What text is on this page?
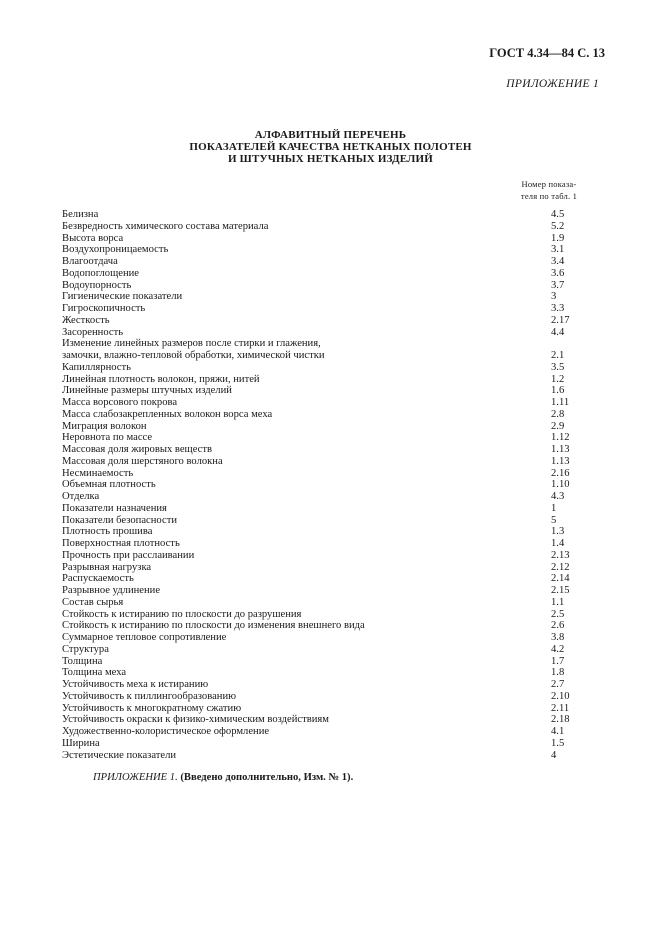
ГОСТ 4.34—84 С. 13
ПРИЛОЖЕНИЕ 1
АЛФАВИТНЫЙ ПЕРЕЧЕНЬ
ПОКАЗАТЕЛЕЙ КАЧЕСТВА НЕТКАНЫХ ПОЛОТЕН
И ШТУЧНЫХ НЕТКАНЫХ ИЗДЕЛИЙ
Номер показа-
теля по табл. 1
Белизна	4.5
Безвредность химического состава материала	5.2
Высота ворса	1.9
Воздухопроницаемость	3.1
Влагоотдача	3.4
Водопоглощение	3.6
Водоупорность	3.7
Гигиенические показатели	3
Гигроскопичность	3.3
Жесткость	2.17
Засоренность	4.4
Изменение линейных размеров после стирки и глажения,
замочки, влажно-тепловой обработки, химической чистки	2.1
Капиллярность	3.5
Линейная плотность волокон, пряжи, нитей	1.2
Линейные размеры штучных изделий	1.6
Масса ворсового покрова	1.11
Масса слабозакрепленных волокон ворса меха	2.8
Миграция волокон	2.9
Неровнота по массе	1.12
Массовая доля жировых веществ	1.13
Массовая доля шерстяного волокна	1.13
Несминаемость	2.16
Объемная плотность	1.10
Отделка	4.3
Показатели назначения	1
Показатели безопасности	5
Плотность прошива	1.3
Поверхностная плотность	1.4
Прочность при расслаивании	2.13
Разрывная нагрузка	2.12
Распускаемость	2.14
Разрывное удлинение	2.15
Состав сырья	1.1
Стойкость к истиранию по плоскости до разрушения	2.5
Стойкость к истиранию по плоскости до изменения внешнего вида	2.6
Суммарное тепловое сопротивление	3.8
Структура	4.2
Толщина	1.7
Толщина меха	1.8
Устойчивость меха к истиранию	2.7
Устойчивость к пиллингообразованию	2.10
Устойчивость к многократному сжатию	2.11
Устойчивость окраски к физико-химическим воздействиям	2.18
Художественно-колористическое оформление	4.1
Ширина	1.5
Эстетические показатели	4
ПРИЛОЖЕНИЕ 1. (Введено дополнительно, Изм. № 1).
